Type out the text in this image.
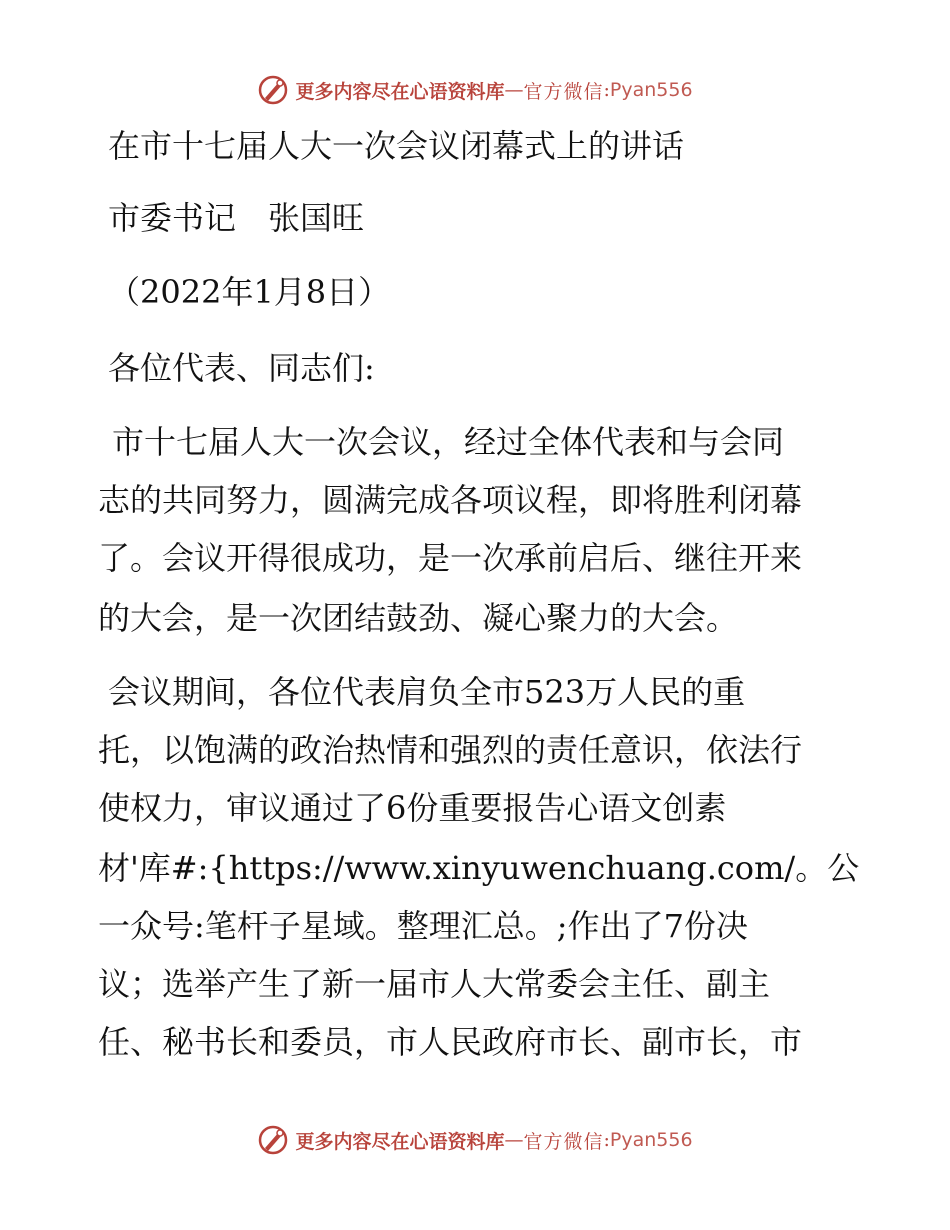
更多内容尽在心语资料库 — 官方微信 : Pyan556
在市十七届人大一次会议闭幕式上的讲话
市委书记　张国旺
（2022年1月8日）
各位代表、同志们:
市十七届人大一次会议，经过全体代表和与会同
志的共同努力，圆满完成各项议程，即将胜利闭幕
了。会议开得很成功，是一次承前启后、继往开来
的大会，是一次团结鼓劲、凝心聚力的大会。
会议期间，各位代表肩负全市523万人民的重
托，以饱满的政治热情和强烈的责任意识，依法行
使权力，审议通过了6份重要报告心语文创素
材'库#:{https://www.xinyuwenchuang.com/。公
一众号:笔杆子星域。整理汇总。;作出了7份决
议；选举产生了新一届市人大常委会主任、副主
任、秘书长和委员，市人民政府市长、副市长，市
更多内容尽在心语资料库 — 官方微信 : Pyan556
